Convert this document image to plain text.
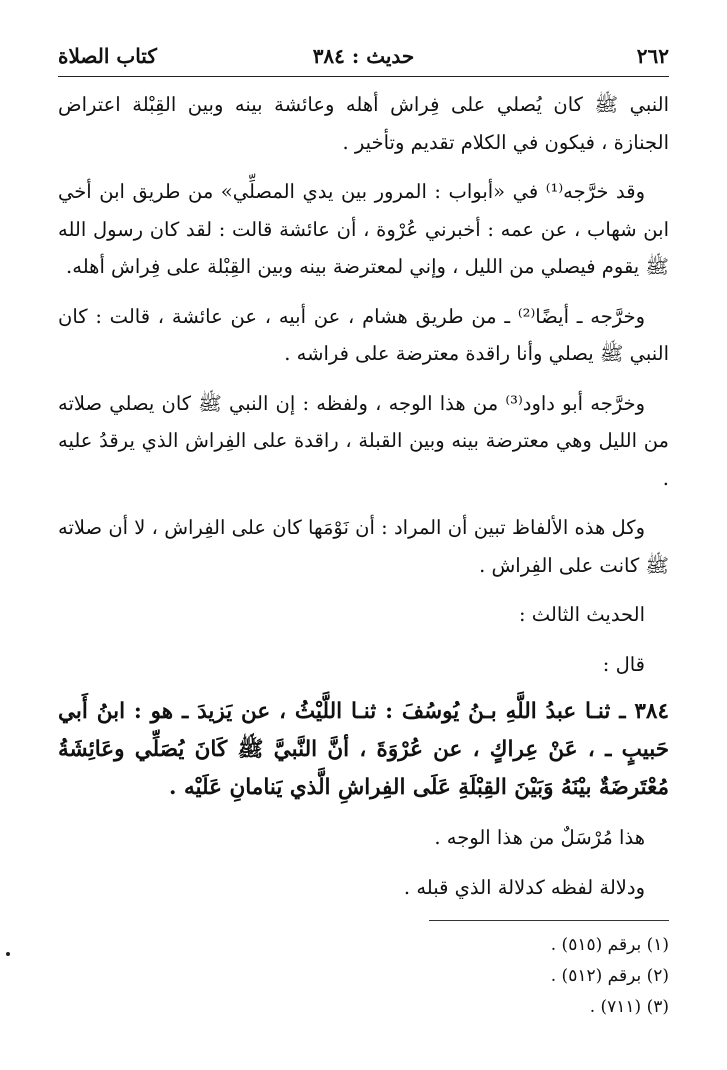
٢٦٢
حديث : ٣٨٤
كتاب الصلاة

النبي ﷺ كان يُصلي على فِراش أهله وعائشة بينه وبين القِبْلة اعتراض الجنازة ، فيكون في الكلام تقديم وتأخير .

وقد خرَّجه⁽¹⁾ في «أبواب : المرور بين يدي المصلِّي» من طريق ابن أخي ابن شهاب ، عن عمه : أخبرني عُرْوة ، أن عائشة قالت : لقد كان رسول الله ﷺ يقوم فيصلي من الليل ، وإني لمعترضة بينه وبين القِبْلة على فِراش أهله.

وخرَّجه ـ أيضًا⁽²⁾ ـ من طريق هشام ، عن أبيه ، عن عائشة ، قالت : كان النبي ﷺ يصلي وأنا راقدة معترضة على فراشه .

وخرَّجه أبو داود⁽³⁾ من هذا الوجه ، ولفظه : إن النبي ﷺ كان يصلي صلاته من الليل وهي معترضة بينه وبين القبلة ، راقدة على الفِراش الذي يرقدُ عليه .

وكل هذه الألفاظ تبين أن المراد : أن نَوْمَها كان على الفِراش ، لا أن صلاته ﷺ كانت على الفِراش .

الحديث الثالث :

قال :

٣٨٤ ـ ثنـا عبدُ اللَّهِ بـنُ يُوسُفَ : ثنـا اللَّيْثُ ، عن يَزيدَ ـ هو : ابنُ أَبي حَبيبٍ ـ ، عَنْ عِراكٍ ، عن عُرْوَةَ ، أنَّ النَّبيَّ ﷺ كَانَ يُصَلِّي وعَائِشَةُ مُعْتَرضَةٌ بيْنَهُ وَبَيْنَ القِبْلَةِ عَلَى الفِراشِ الَّذي يَنامانِ عَلَيْه .

هذا مُرْسَلٌ من هذا الوجه .

ودلالة لفظه كدلالة الذي قبله .

(١) برقم (٥١٥) .
(٢) برقم (٥١٢) .
(٣) (٧١١) .
